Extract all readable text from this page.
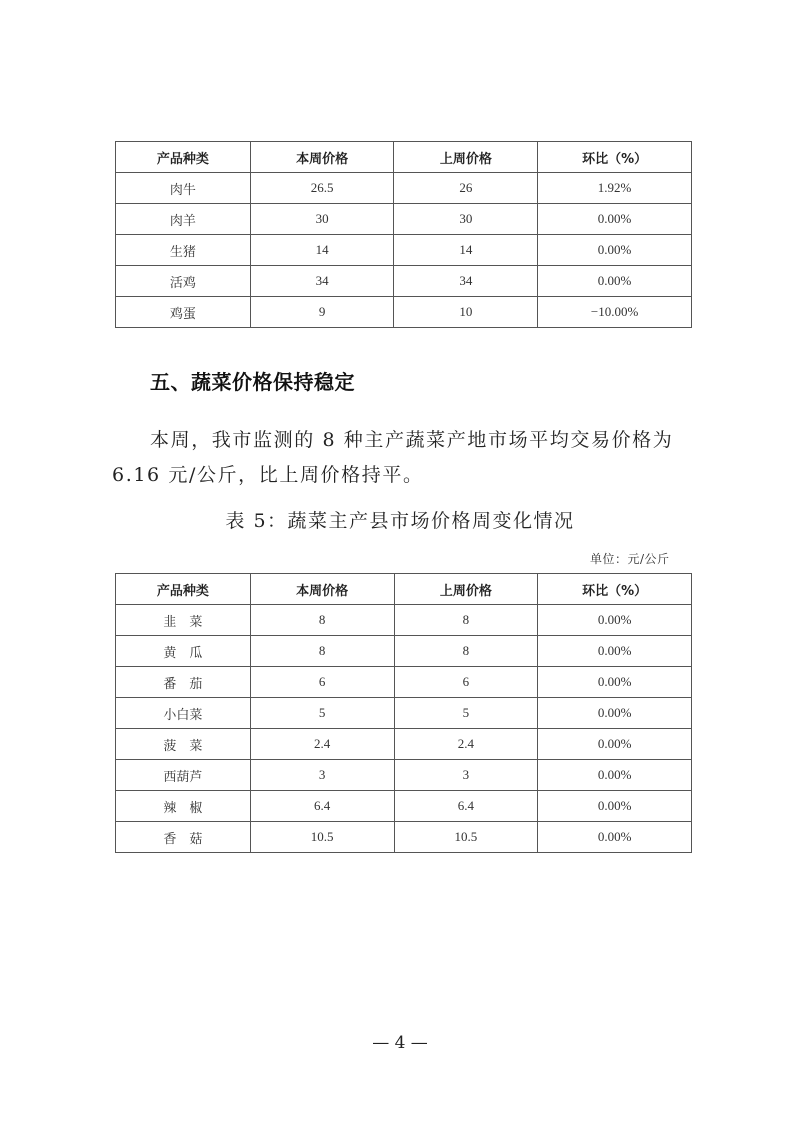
产品种类	本周价格	上周价格	环比（%）
肉牛	26.5	26	1.92%
肉羊	30	30	0.00%
生猪	14	14	0.00%
活鸡	34	34	0.00%
鸡蛋	9	10	−10.00%
五、蔬菜价格保持稳定
本周，我市监测的 8 种主产蔬菜产地市场平均交易价格为
6.16 元/公斤，比上周价格持平。
表 5：蔬菜主产县市场价格周变化情况
单位：元/公斤
产品种类	本周价格	上周价格	环比（%）
韭　菜	8	8	0.00%
黄　瓜	8	8	0.00%
番　茄	6	6	0.00%
小白菜	5	5	0.00%
菠　菜	2.4	2.4	0.00%
西葫芦	3	3	0.00%
辣　椒	6.4	6.4	0.00%
香　菇	10.5	10.5	0.00%
— 4 —
